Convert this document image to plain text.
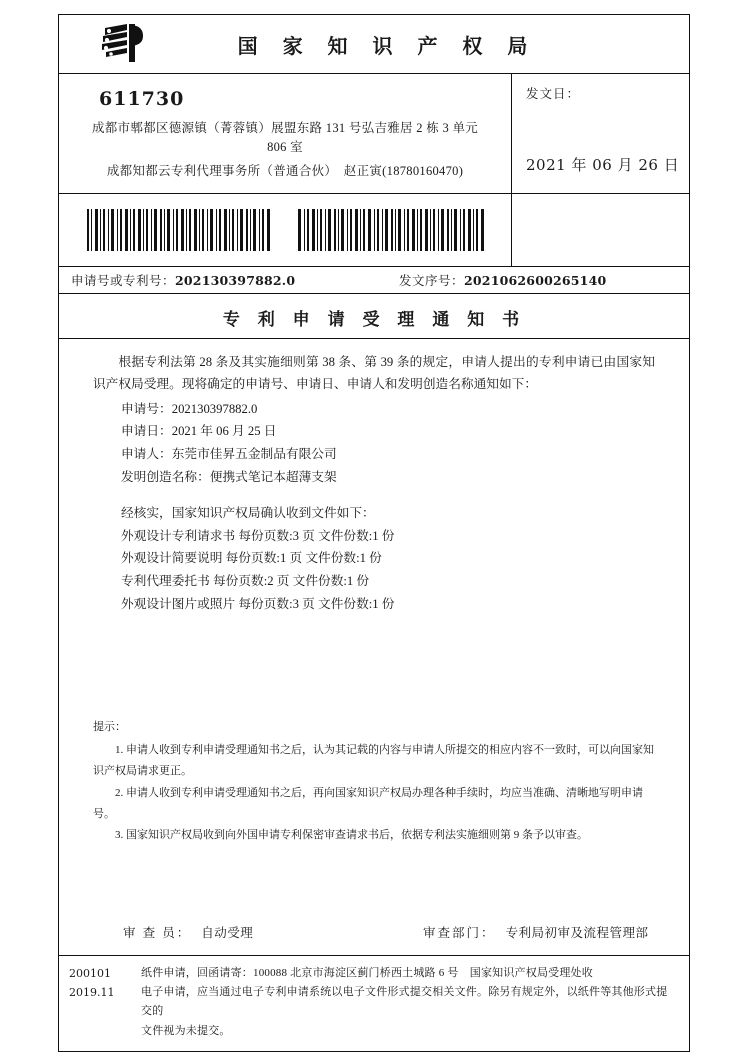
国 家 知 识 产 权 局
611730
成都市郫都区德源镇（菁蓉镇）展盟东路 131 号弘吉雅居 2 栋 3 单元
806 室
成都知都云专利代理事务所（普通合伙）　赵正寅(18780160470)
发文日：
2021 年 06 月 26 日
申请号或专利号：202130397882.0	发文序号：2021062600265140
专 利 申 请 受 理 通 知 书

根据专利法第 28 条及其实施细则第 38 条、第 39 条的规定，申请人提出的专利申请已由国家知识产权局受理。现将确定的申请号、申请日、申请人和发明创造名称通知如下：

申请号：202130397882.0
申请日：2021 年 06 月 25 日
申请人：东莞市佳昇五金制品有限公司
发明创造名称：便携式笔记本超薄支架
经核实，国家知识产权局确认收到文件如下：
外观设计专利请求书 每份页数:3 页 文件份数:1 份
外观设计简要说明 每份页数:1 页 文件份数:1 份
专利代理委托书 每份页数:2 页 文件份数:1 份
外观设计图片或照片 每份页数:3 页 文件份数:1 份
提示：
1. 申请人收到专利申请受理通知书之后，认为其记载的内容与申请人所提交的相应内容不一致时，可以向国家知识产权局请求更正。
2. 申请人收到专利申请受理通知书之后，再向国家知识产权局办理各种手续时，均应当准确、清晰地写明申请号。
3. 国家知识产权局收到向外国申请专利保密审查请求书后，依据专利法实施细则第 9 条予以审查。
审 查 员： 自动受理	审查部门： 专利局初审及流程管理部
200101
2019.11
纸件申请，回函请寄：100088 北京市海淀区蓟门桥西土城路 6 号　国家知识产权局受理处收
电子申请，应当通过电子专利申请系统以电子文件形式提交相关文件。除另有规定外，以纸件等其他形式提交的
文件视为未提交。
